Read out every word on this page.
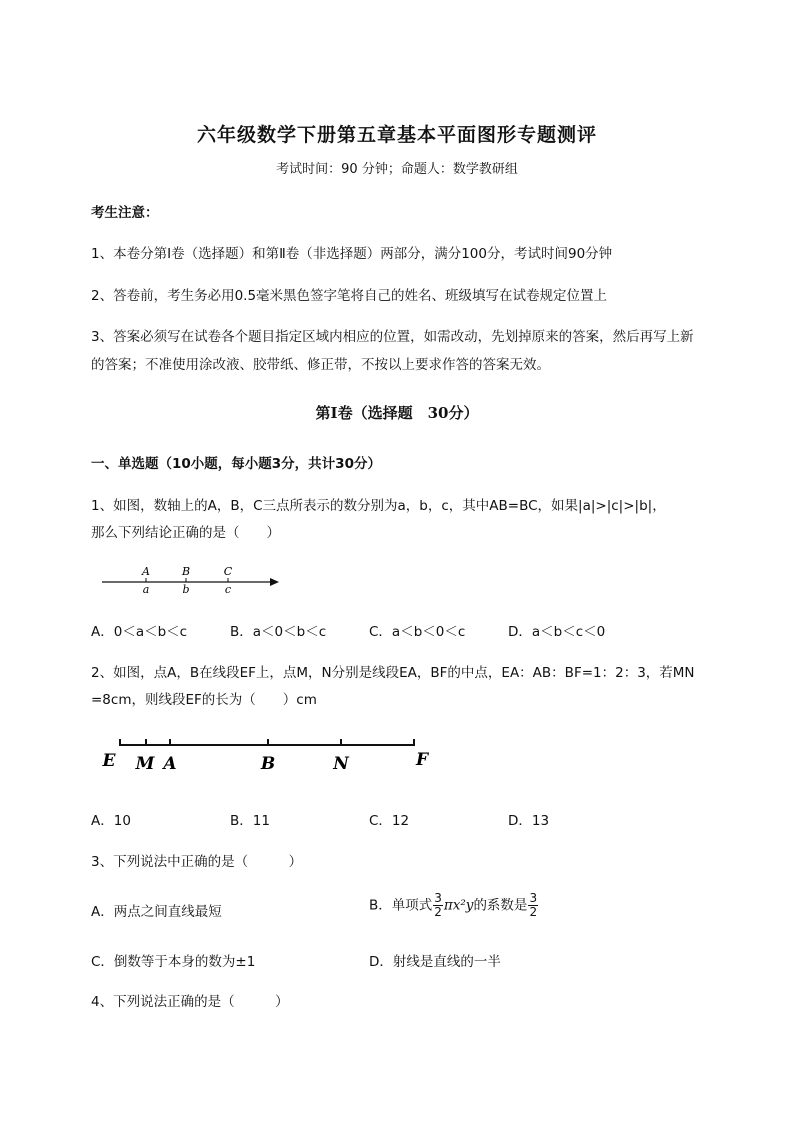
六年级数学下册第五章基本平面图形专题测评
考试时间：90 分钟；命题人：数学教研组
考生注意：
1、本卷分第I卷（选择题）和第Ⅱ卷（非选择题）两部分，满分100分，考试时间90分钟
2、答卷前，考生务必用0.5毫米黑色签字笔将自己的姓名、班级填写在试卷规定位置上
3、答案必须写在试卷各个题目指定区域内相应的位置，如需改动，先划掉原来的答案，然后再写上新
的答案；不准使用涂改液、胶带纸、修正带，不按以上要求作答的答案无效。
第I卷（选择题　30分）
一、单选题（10小题，每小题3分，共计30分）
1、如图，数轴上的A，B，C三点所表示的数分别为a，b，c，其中AB=BC，如果|a|>|c|>|b|，
那么下列结论正确的是（　　）
A	B	C
a	b	c
A．0＜a＜b＜c	B．a＜0＜b＜c	C．a＜b＜0＜c	D．a＜b＜c＜0
2、如图，点A，B在线段EF上，点M，N分别是线段EA，BF的中点，EA：AB：BF=1：2：3，若MN
=8cm，则线段EF的长为（　　）cm
E M A	B	N	F
A．10	B．11	C．12	D．13
3、下列说法中正确的是（　　　）
A．两点之间直线最短	B．单项式 $\frac{3}{2} \pi x^2y$的系数是 $\frac{3}{2}$
C．倒数等于本身的数为±1	D．射线是直线的一半
4、下列说法正确的是（　　　）
